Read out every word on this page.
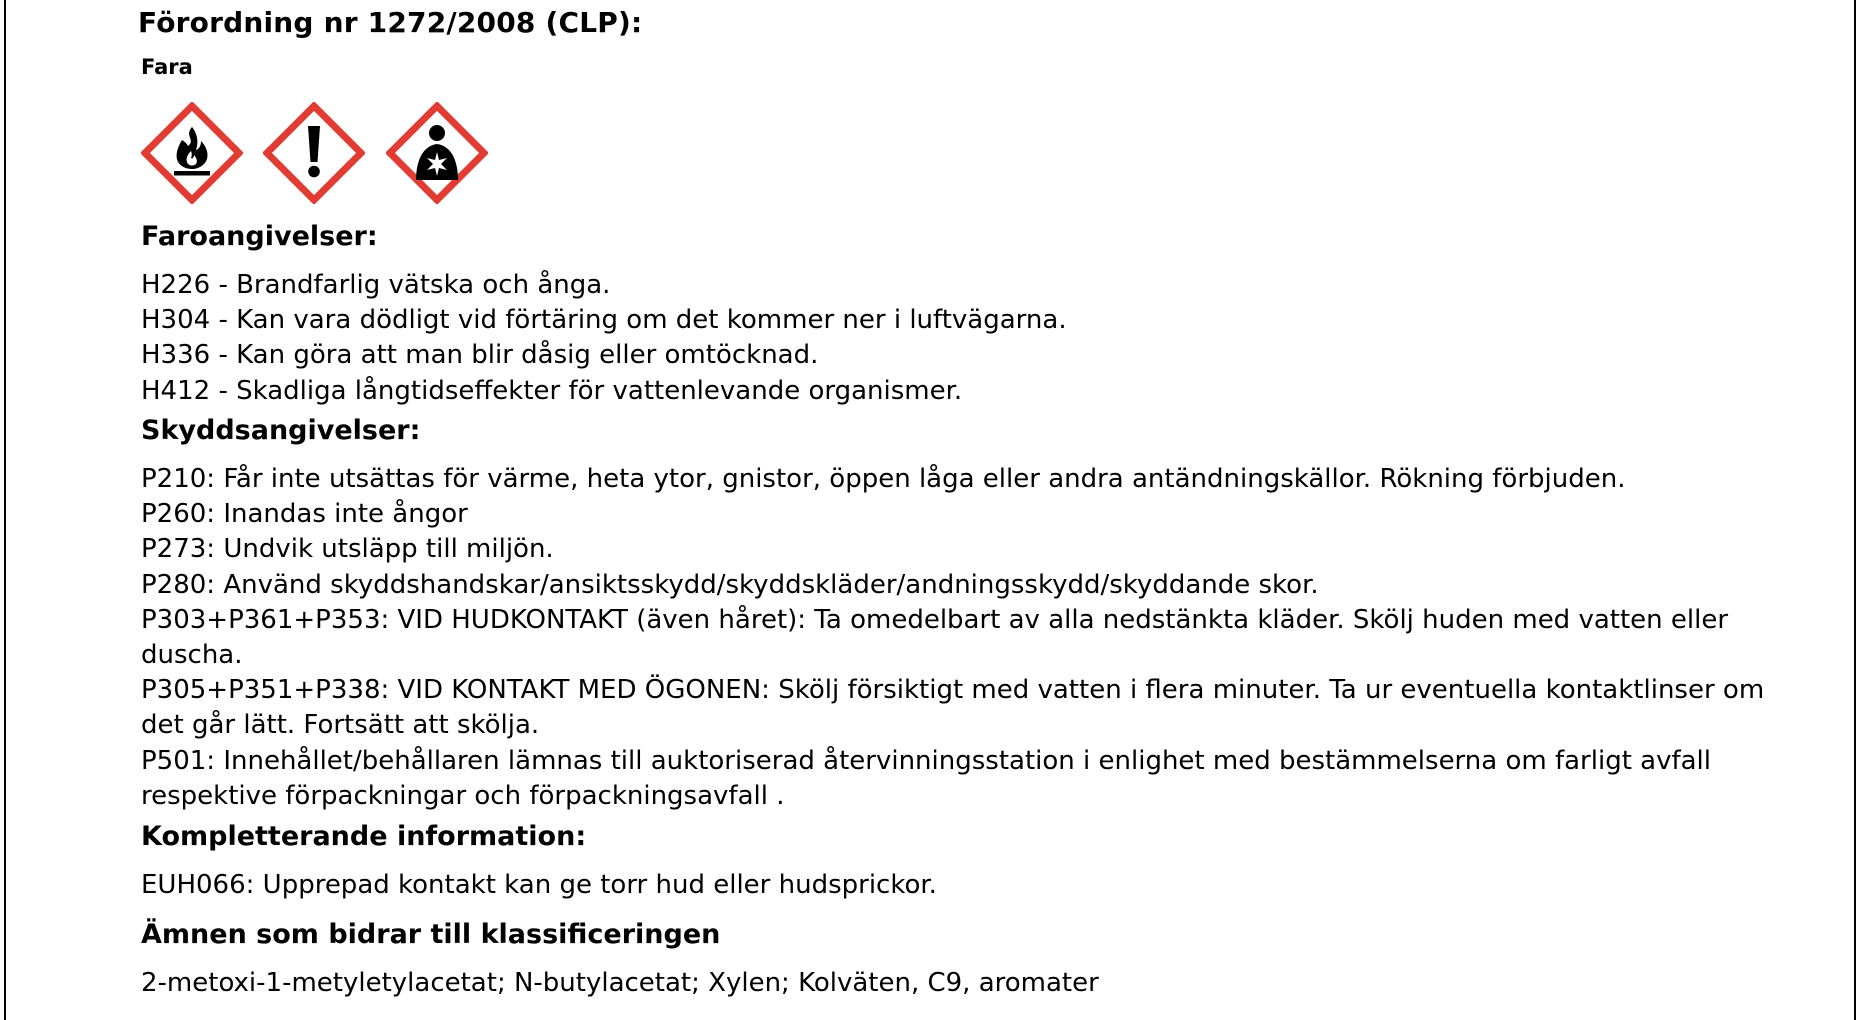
Förordning nr 1272/2008 (CLP):
Fara
Faroangivelser:
H226 - Brandfarlig vätska och ånga.
H304 - Kan vara dödligt vid förtäring om det kommer ner i luftvägarna.
H336 - Kan göra att man blir dåsig eller omtöcknad.
H412 - Skadliga långtidseffekter för vattenlevande organismer.
Skyddsangivelser:
P210: Får inte utsättas för värme, heta ytor, gnistor, öppen låga eller andra antändningskällor. Rökning förbjuden.
P260: Inandas inte ångor
P273: Undvik utsläpp till miljön.
P280: Använd skyddshandskar/ansiktsskydd/skyddskläder/andningsskydd/skyddande skor.
P303+P361+P353: VID HUDKONTAKT (även håret): Ta omedelbart av alla nedstänkta kläder. Skölj huden med vatten eller
duscha.
P305+P351+P338: VID KONTAKT MED ÖGONEN: Skölj försiktigt med vatten i flera minuter. Ta ur eventuella kontaktlinser om
det går lätt. Fortsätt att skölja.
P501: Innehållet/behållaren lämnas till auktoriserad återvinningsstation i enlighet med bestämmelserna om farligt avfall
respektive förpackningar och förpackningsavfall .
Kompletterande information:
EUH066: Upprepad kontakt kan ge torr hud eller hudsprickor.
Ämnen som bidrar till klassificeringen
2-metoxi-1-metyletylacetat; N-butylacetat; Xylen; Kolväten, C9, aromater
